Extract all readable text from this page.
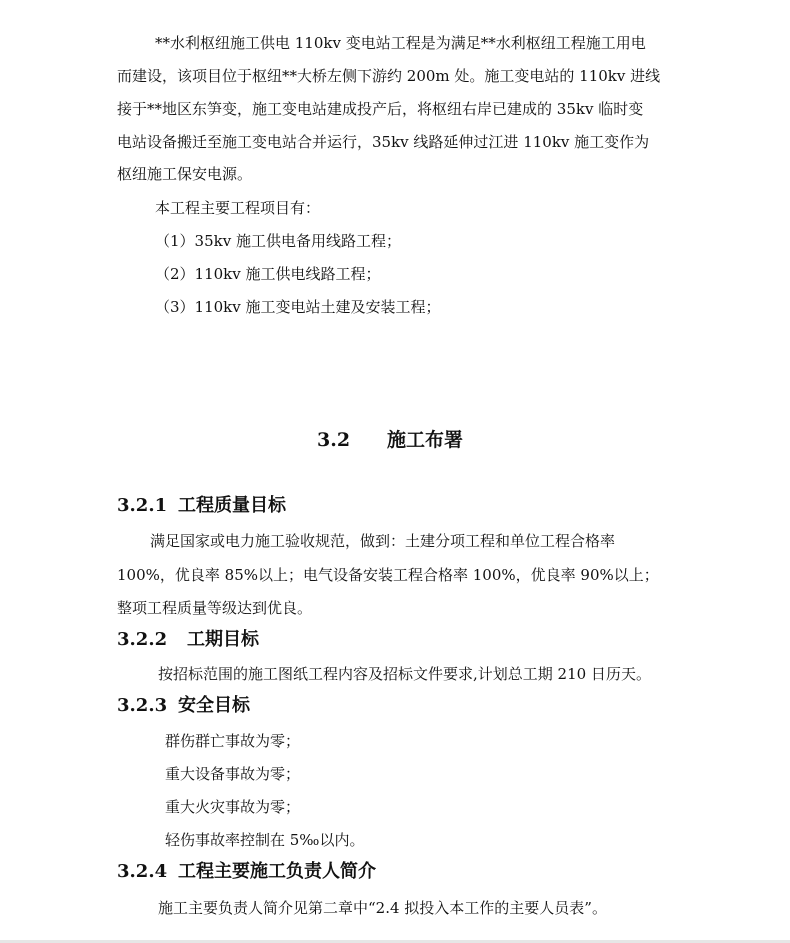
**水利枢纽施工供电 110kv 变电站工程是为满足**水利枢纽工程施工用电
而建设，该项目位于枢纽**大桥左侧下游约 200m 处。施工变电站的 110kv 进线
接于**地区东笋变，施工变电站建成投产后，将枢纽右岸已建成的 35kv 临时变
电站设备搬迁至施工变电站合并运行，35kv 线路延伸过江进 110kv 施工变作为
枢纽施工保安电源。
本工程主要工程项目有：
（1）35kv 施工供电备用线路工程；
（2）110kv 施工供电线路工程；
（3）110kv 施工变电站土建及安装工程；
3.2 施工布署
3.2.1 工程质量目标
满足国家或电力施工验收规范，做到：土建分项工程和单位工程合格率
100%，优良率 85%以上；电气设备安装工程合格率 100%，优良率 90%以上；
整项工程质量等级达到优良。
3.2.2 工期目标
按招标范围的施工图纸工程内容及招标文件要求,计划总工期 210 日历天。
3.2.3 安全目标
群伤群亡事故为零；
重大设备事故为零；
重大火灾事故为零；
轻伤事故率控制在 5‰以内。
3.2.4 工程主要施工负责人简介
施工主要负责人简介见第二章中“2.4 拟投入本工作的主要人员表”。
